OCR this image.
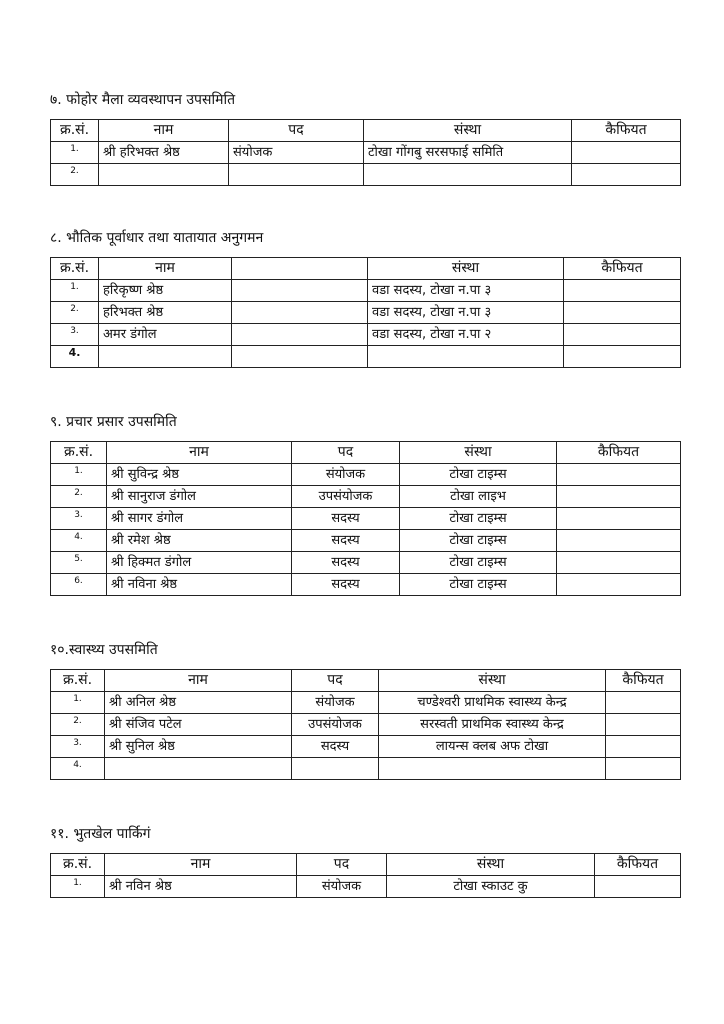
७. फोहोर मैला व्यवस्थापन उपसमिति
क्र.सं.	नाम	पद	संस्था	कैफियत
1.	श्री हरिभक्त श्रेष्ठ	संयोजक	टोखा गोंगबु सरसफाई समिति	
2.				
८. भौतिक पूर्वाधार तथा यातायात अनुगमन
क्र.सं.	नाम		संस्था	कैफियत
1.	हरिकृष्ण श्रेष्ठ		वडा सदस्य, टोखा न.पा ३	
2.	हरिभक्त श्रेष्ठ		वडा सदस्य, टोखा न.पा ३	
3.	अमर डंगोल		वडा सदस्य, टोखा न.पा २	
4.				
९. प्रचार प्रसार उपसमिति
क्र.सं.	नाम	पद	संस्था	कैफियत
1.	श्री सुविन्द्र श्रेष्ठ	संयोजक	टोखा टाइम्स	
2.	श्री सानुराज डंगोल	उपसंयोजक	टोखा लाइभ	
3.	श्री सागर डंगोल	सदस्य	टोखा टाइम्स	
4.	श्री रमेश श्रेष्ठ	सदस्य	टोखा टाइम्स	
5.	श्री हिक्मत डंगोल	सदस्य	टोखा टाइम्स	
6.	श्री नविना श्रेष्ठ	सदस्य	टोखा टाइम्स	
१०.स्वास्थ्य उपसमिति
क्र.सं.	नाम	पद	संस्था	कैफियत
1.	श्री अनिल श्रेष्ठ	संयोजक	चण्डेश्वरी प्राथमिक स्वास्थ्य केन्द्र	
2.	श्री संजिव पटेल	उपसंयोजक	सरस्वती प्राथमिक स्वास्थ्य केन्द्र	
3.	श्री सुनिल श्रेष्ठ	सदस्य	लायन्स क्लब अफ टोखा	
4.				
११. भुतखेल पार्किगं
क्र.सं.	नाम	पद	संस्था	कैफियत
1.	श्री नविन श्रेष्ठ	संयोजक	टोखा स्काउट कु	
